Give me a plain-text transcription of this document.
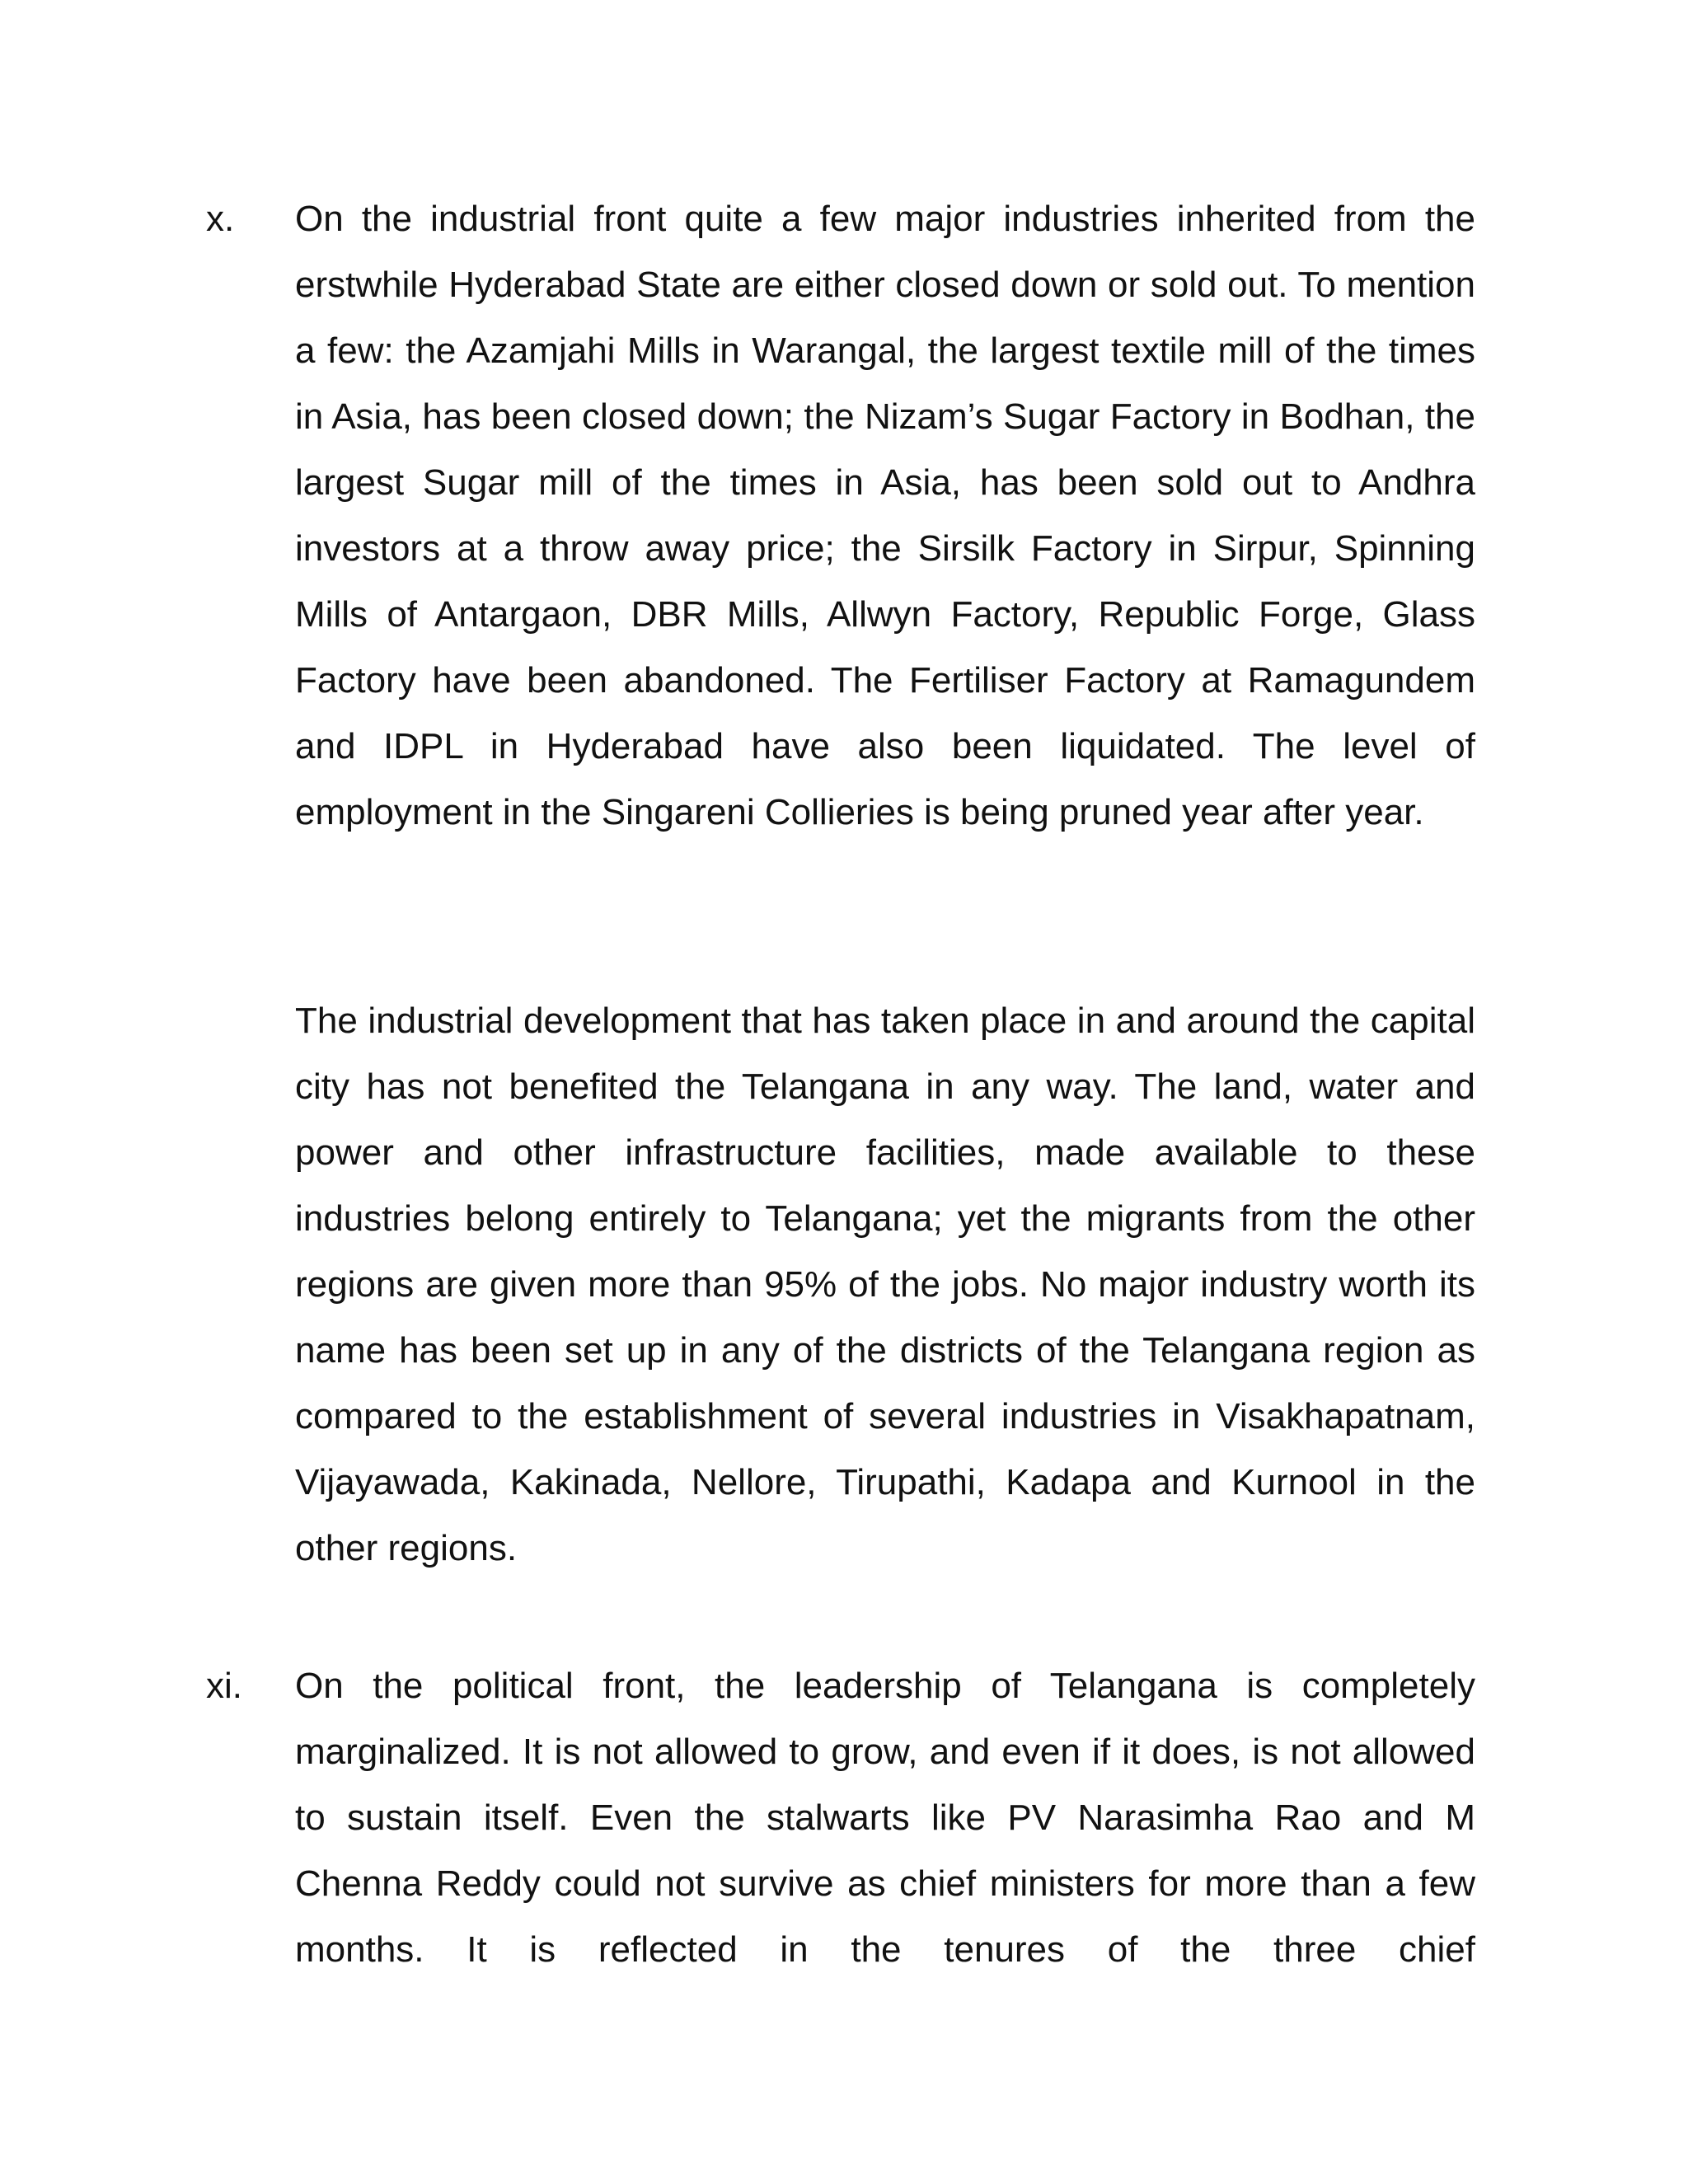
x.	On the industrial front quite a few major industries inherited from the erstwhile Hyderabad State are either closed down or sold out. To mention a few: the Azamjahi Mills in Warangal, the largest textile mill of the times in Asia, has been closed down; the Nizam’s Sugar Factory in Bodhan, the largest Sugar mill of the times in Asia, has been sold out to Andhra investors at a throw away price; the Sirsilk Factory in Sirpur, Spinning Mills of Antargaon, DBR Mills, Allwyn Factory, Republic Forge, Glass Factory have been abandoned. The Fertiliser Factory at Ramagundem and IDPL in Hyderabad have also been liquidated. The level of employment in the Singareni Collieries is being pruned year after year.

The industrial development that has taken place in and around the capital city has not benefited the Telangana in any way. The land, water and power and other infrastructure facilities, made available to these industries belong entirely to Telangana; yet the migrants from the other regions are given more than 95% of the jobs. No major industry worth its name has been set up in any of the districts of the Telangana region as compared to the establishment of several industries in Visakhapatnam, Vijayawada, Kakinada, Nellore, Tirupathi, Kadapa and Kurnool in the other regions.

xi.	On the political front, the leadership of Telangana is completely marginalized. It is not allowed to grow, and even if it does, is not allowed to sustain itself. Even the stalwarts like PV Narasimha Rao and M Chenna Reddy could not survive as chief ministers for more than a few months. It is reflected in the tenures of the three chief
